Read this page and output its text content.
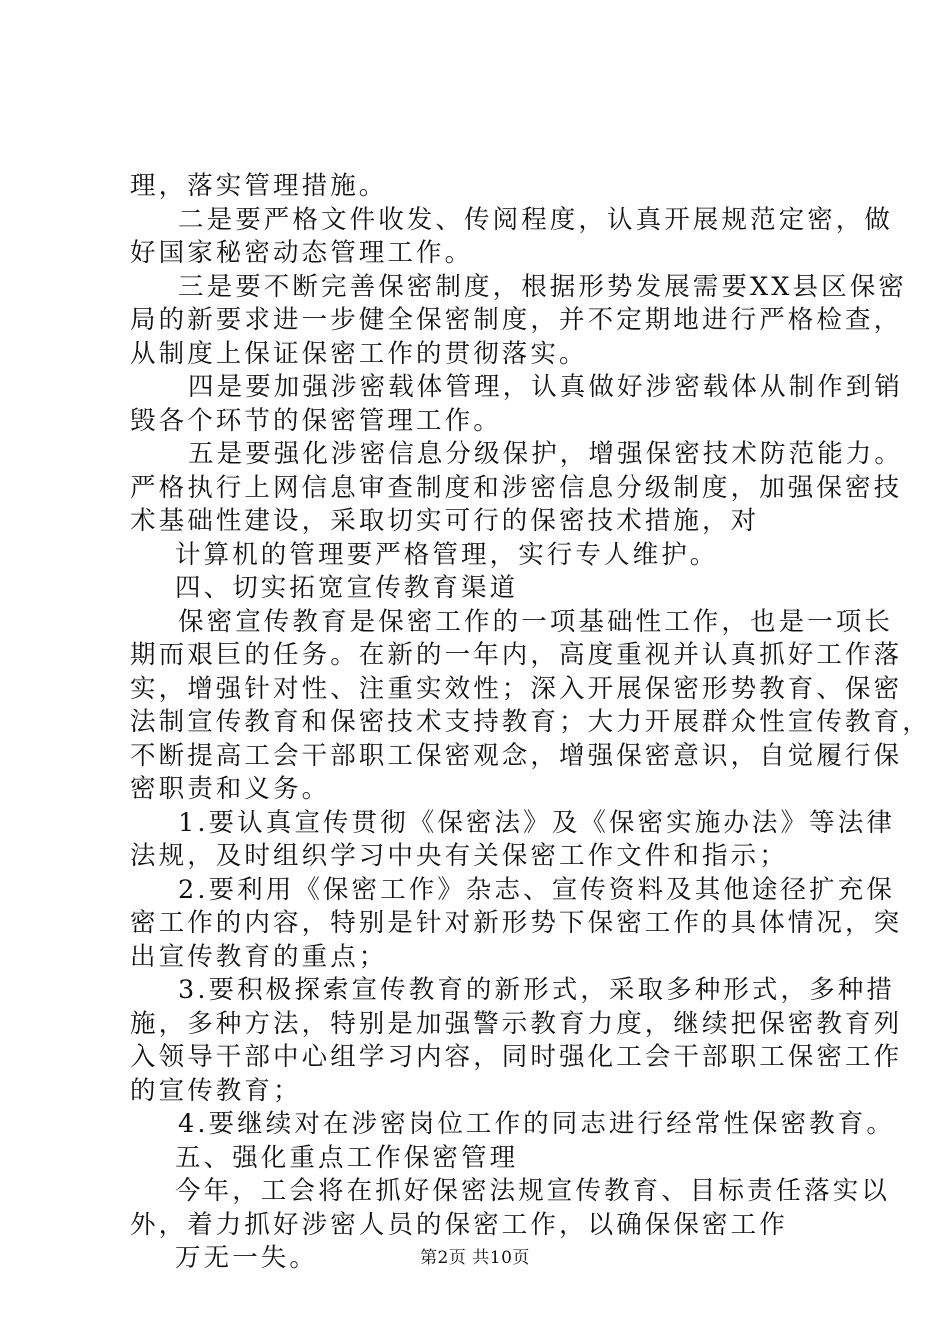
理，落实管理措施。
二是要严格文件收发、传阅程度，认真开展规范定密，做
好国家秘密动态管理工作。
三是要不断完善保密制度，根据形势发展需要XX县区保密
局的新要求进一步健全保密制度，并不定期地进行严格检查，
从制度上保证保密工作的贯彻落实。
四是要加强涉密载体管理，认真做好涉密载体从制作到销
毁各个环节的保密管理工作。
五是要强化涉密信息分级保护，增强保密技术防范能力。
严格执行上网信息审查制度和涉密信息分级制度，加强保密技
术基础性建设，采取切实可行的保密技术措施，对
计算机的管理要严格管理，实行专人维护。
四、切实拓宽宣传教育渠道
保密宣传教育是保密工作的一项基础性工作，也是一项长
期而艰巨的任务。在新的一年内，高度重视并认真抓好工作落
实，增强针对性、注重实效性；深入开展保密形势教育、保密
法制宣传教育和保密技术支持教育；大力开展群众性宣传教育，
不断提高工会干部职工保密观念，增强保密意识，自觉履行保
密职责和义务。
1.要认真宣传贯彻《保密法》及《保密实施办法》等法律
法规，及时组织学习中央有关保密工作文件和指示；
2.要利用《保密工作》杂志、宣传资料及其他途径扩充保
密工作的内容，特别是针对新形势下保密工作的具体情况，突
出宣传教育的重点；
3.要积极探索宣传教育的新形式，采取多种形式，多种措
施，多种方法，特别是加强警示教育力度，继续把保密教育列
入领导干部中心组学习内容，同时强化工会干部职工保密工作
的宣传教育；
4.要继续对在涉密岗位工作的同志进行经常性保密教育。
五、强化重点工作保密管理
今年，工会将在抓好保密法规宣传教育、目标责任落实以
外，着力抓好涉密人员的保密工作，以确保保密工作
万无一失。	第2页 共10页
